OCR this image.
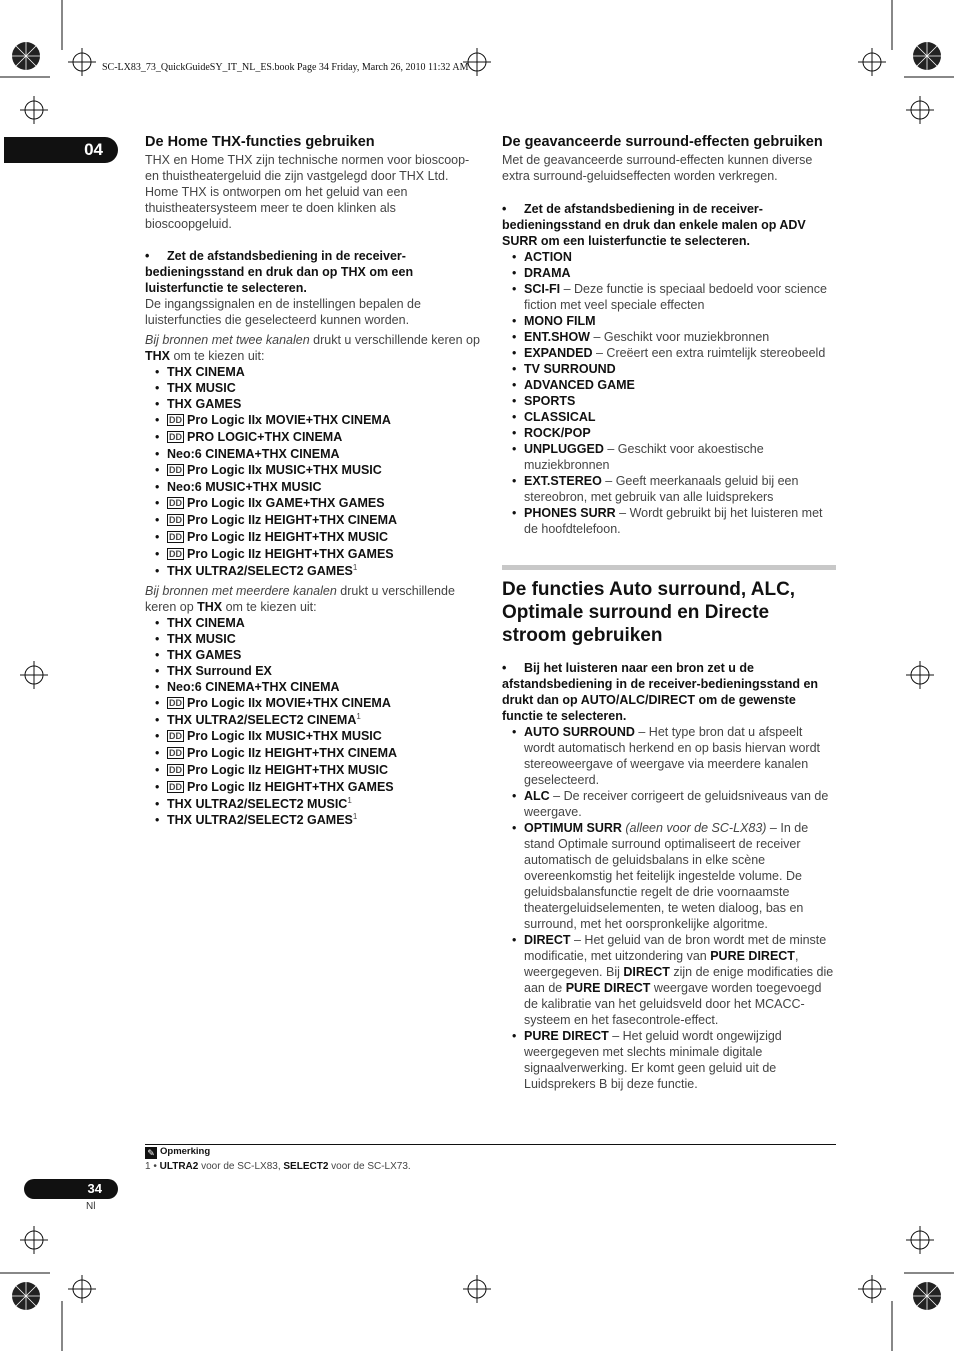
SC-LX83_73_QuickGuideSY_IT_NL_ES.book Page 34 Friday, March 26, 2010 11:32 AM
04	De Home THX-functies gebruiken

THX en Home THX zijn technische normen voor bioscoop- en thuistheatergeluid die zijn vastgelegd door THX Ltd. Home THX is ontworpen om het geluid van een thuistheatersysteem meer te doen klinken als bioscoopgeluid.

• Zet de afstandsbediening in de receiver-bedieningsstand en druk dan op THX om een luisterfunctie te selecteren.

De ingangssignalen en de instellingen bepalen de luisterfuncties die geselecteerd kunnen worden.

Bij bronnen met twee kanalen drukt u verschillende keren op THX om te kiezen uit:

• THX CINEMA
• THX MUSIC
• THX GAMES
• DD Pro Logic IIx MOVIE+THX CINEMA
• DD PRO LOGIC+THX CINEMA
• Neo:6 CINEMA+THX CINEMA
• DD Pro Logic IIx MUSIC+THX MUSIC
• Neo:6 MUSIC+THX MUSIC
• DD Pro Logic IIx GAME+THX GAMES
• DD Pro Logic IIz HEIGHT+THX CINEMA
• DD Pro Logic IIz HEIGHT+THX MUSIC
• DD Pro Logic IIz HEIGHT+THX GAMES
• THX ULTRA2/SELECT2 GAMES$^1$

Bij bronnen met meerdere kanalen drukt u verschillende keren op THX om te kiezen uit:

• THX CINEMA
• THX MUSIC
• THX GAMES
• THX Surround EX
• Neo:6 CINEMA+THX CINEMA
• DD Pro Logic IIx MOVIE+THX CINEMA
• THX ULTRA2/SELECT2 CINEMA$^1$
• DD Pro Logic IIx MUSIC+THX MUSIC
• DD Pro Logic IIz HEIGHT+THX CINEMA
• DD Pro Logic IIz HEIGHT+THX MUSIC
• DD Pro Logic IIz HEIGHT+THX GAMES
• THX ULTRA2/SELECT2 MUSIC$^1$
• THX ULTRA2/SELECT2 GAMES$^1$
De geavanceerde surround-effecten gebruiken

Met de geavanceerde surround-effecten kunnen diverse extra surround-geluidseffecten worden verkregen.

• Zet de afstandsbediening in de receiver-bedieningsstand en druk dan enkele malen op ADV SURR om een luisterfunctie te selecteren.

• ACTION
• DRAMA
• SCI-FI – Deze functie is speciaal bedoeld voor science fiction met veel speciale effecten
• MONO FILM
• ENT.SHOW – Geschikt voor muziekbronnen
• EXPANDED – Creëert een extra ruimtelijk stereobeeld
• TV SURROUND
• ADVANCED GAME
• SPORTS
• CLASSICAL
• ROCK/POP
• UNPLUGGED – Geschikt voor akoestische muziekbronnen
• EXT.STEREO – Geeft meerkanaals geluid bij een stereobron, met gebruik van alle luidsprekers
• PHONES SURR – Wordt gebruikt bij het luisteren met de hoofdtelefoon.
De functies Auto surround, ALC, Optimale surround en Directe stroom gebruiken

• Bij het luisteren naar een bron zet u de afstandsbediening in de receiver-bedieningsstand en drukt dan op AUTO/ALC/DIRECT om de gewenste functie te selecteren.

• AUTO SURROUND – Het type bron dat u afspeelt wordt automatisch herkend en op basis hiervan wordt stereoweergave of weergave via meerdere kanalen geselecteerd.
• ALC – De receiver corrigeert de geluidsniveaus van de weergave.
• OPTIMUM SURR (alleen voor de SC-LX83) – In de stand Optimale surround optimaliseert de receiver automatisch de geluidsbalans in elke scène overeenkomstig het feitelijk ingestelde volume. De geluidsbalansfunctie regelt de drie voornaamste theatergeluidselementen, te weten dialoog, bas en surround, met het oorspronkelijke algoritme.
• DIRECT – Het geluid van de bron wordt met de minste modificatie, met uitzondering van PURE DIRECT, weergegeven. Bij DIRECT zijn de enige modificaties die aan de PURE DIRECT weergave worden toegevoegd de kalibratie van het geluidsveld door het MCACC-systeem en het fasecontrole-effect.
• PURE DIRECT – Het geluid wordt ongewijzigd weergegeven met slechts minimale digitale signaalverwerking. Er komt geen geluid uit de Luidsprekers B bij deze functie.
✎ Opmerking
1 • ULTRA2 voor de SC-LX83, SELECT2 voor de SC-LX73.
34
Nl
